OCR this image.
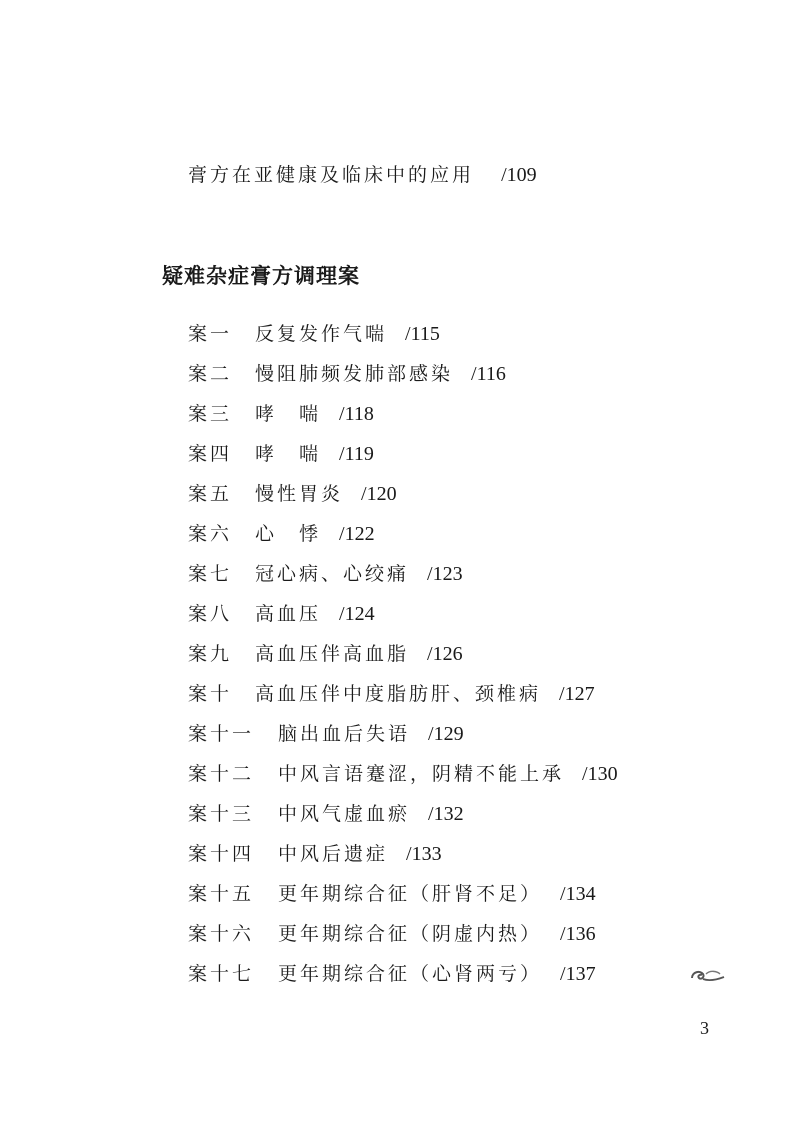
膏方在亚健康及临床中的应用 /109
疑难杂症膏方调理案
案一	反复发作气喘 /115
案二	慢阻肺频发肺部感染 /116
案三	哮　喘 /118
案四	哮　喘 /119
案五	慢性胃炎 /120
案六	心　悸 /122
案七	冠心病、心绞痛 /123
案八	高血压 /124
案九	高血压伴高血脂 /126
案十	高血压伴中度脂肪肝、颈椎病 /127
案十一	脑出血后失语 /129
案十二	中风言语蹇涩，阴精不能上承 /130
案十三	中风气虚血瘀 /132
案十四	中风后遗症 /133
案十五	更年期综合征（肝肾不足） /134
案十六	更年期综合征（阴虚内热） /136
案十七	更年期综合征（心肾两亏） /137
3
